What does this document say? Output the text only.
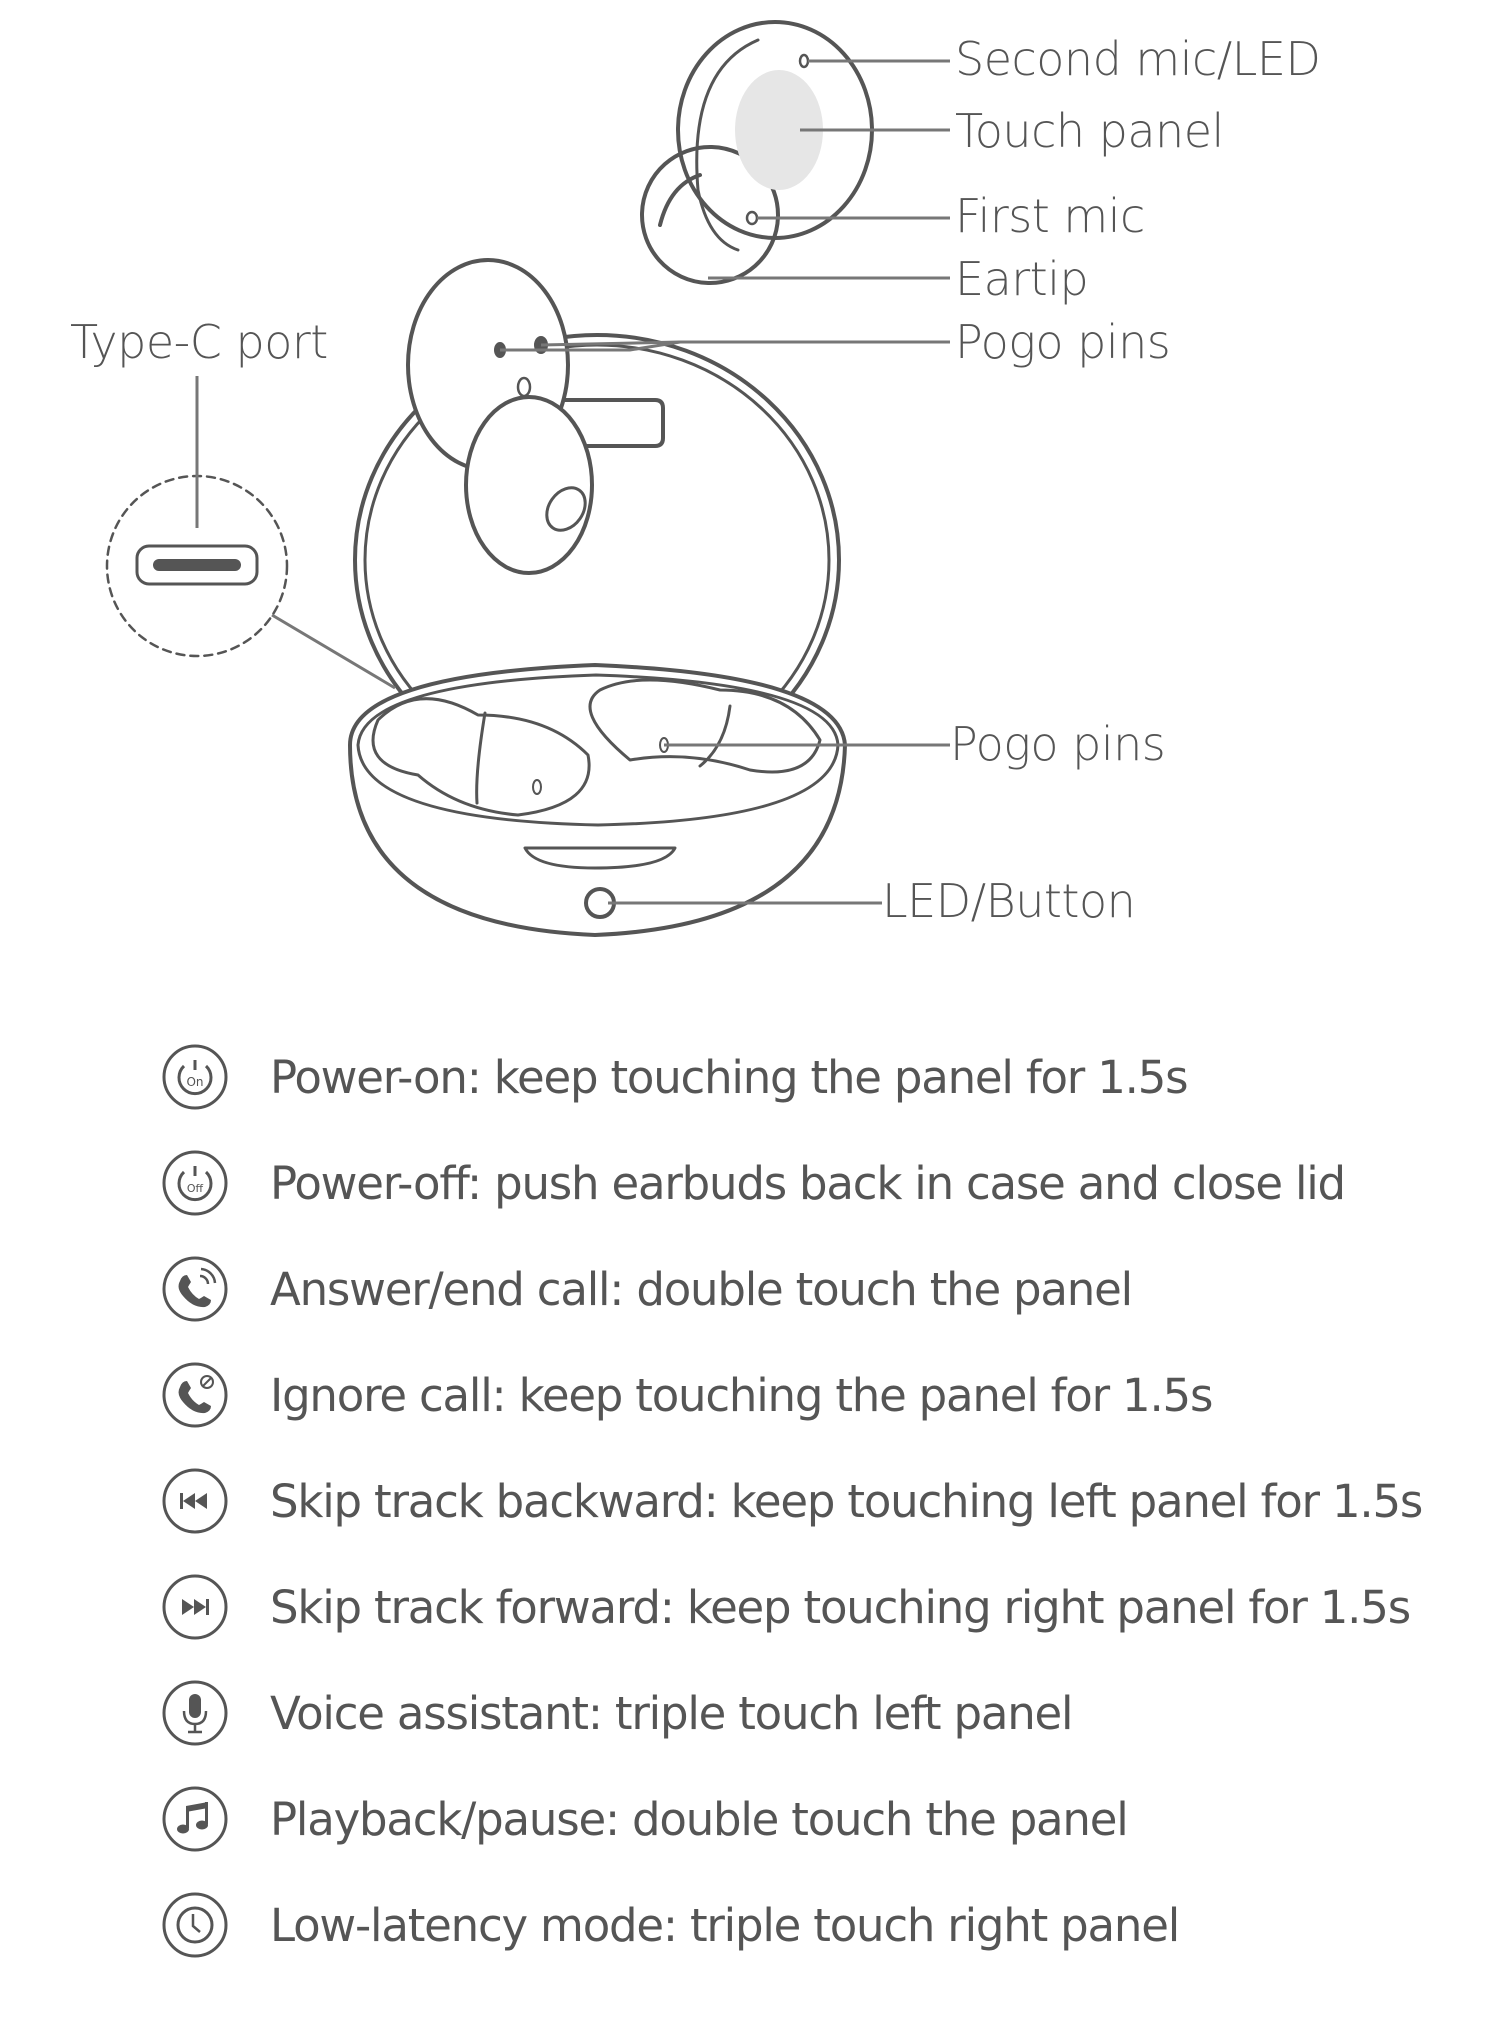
Second mic/LED
Touch panel
First mic
Eartip
Pogo pins
Type-C port
Pogo pins
LED/Button
On Power-on: keep touching the panel for 1.5s
Off Power-off: push earbuds back in case and close lid
Answer/end call: double touch the panel
Ignore call: keep touching the panel for 1.5s
Skip track backward: keep touching left panel for 1.5s
Skip track forward: keep touching right panel for 1.5s
Voice assistant: triple touch left panel
Playback/pause: double touch the panel
Low-latency mode: triple touch right panel
